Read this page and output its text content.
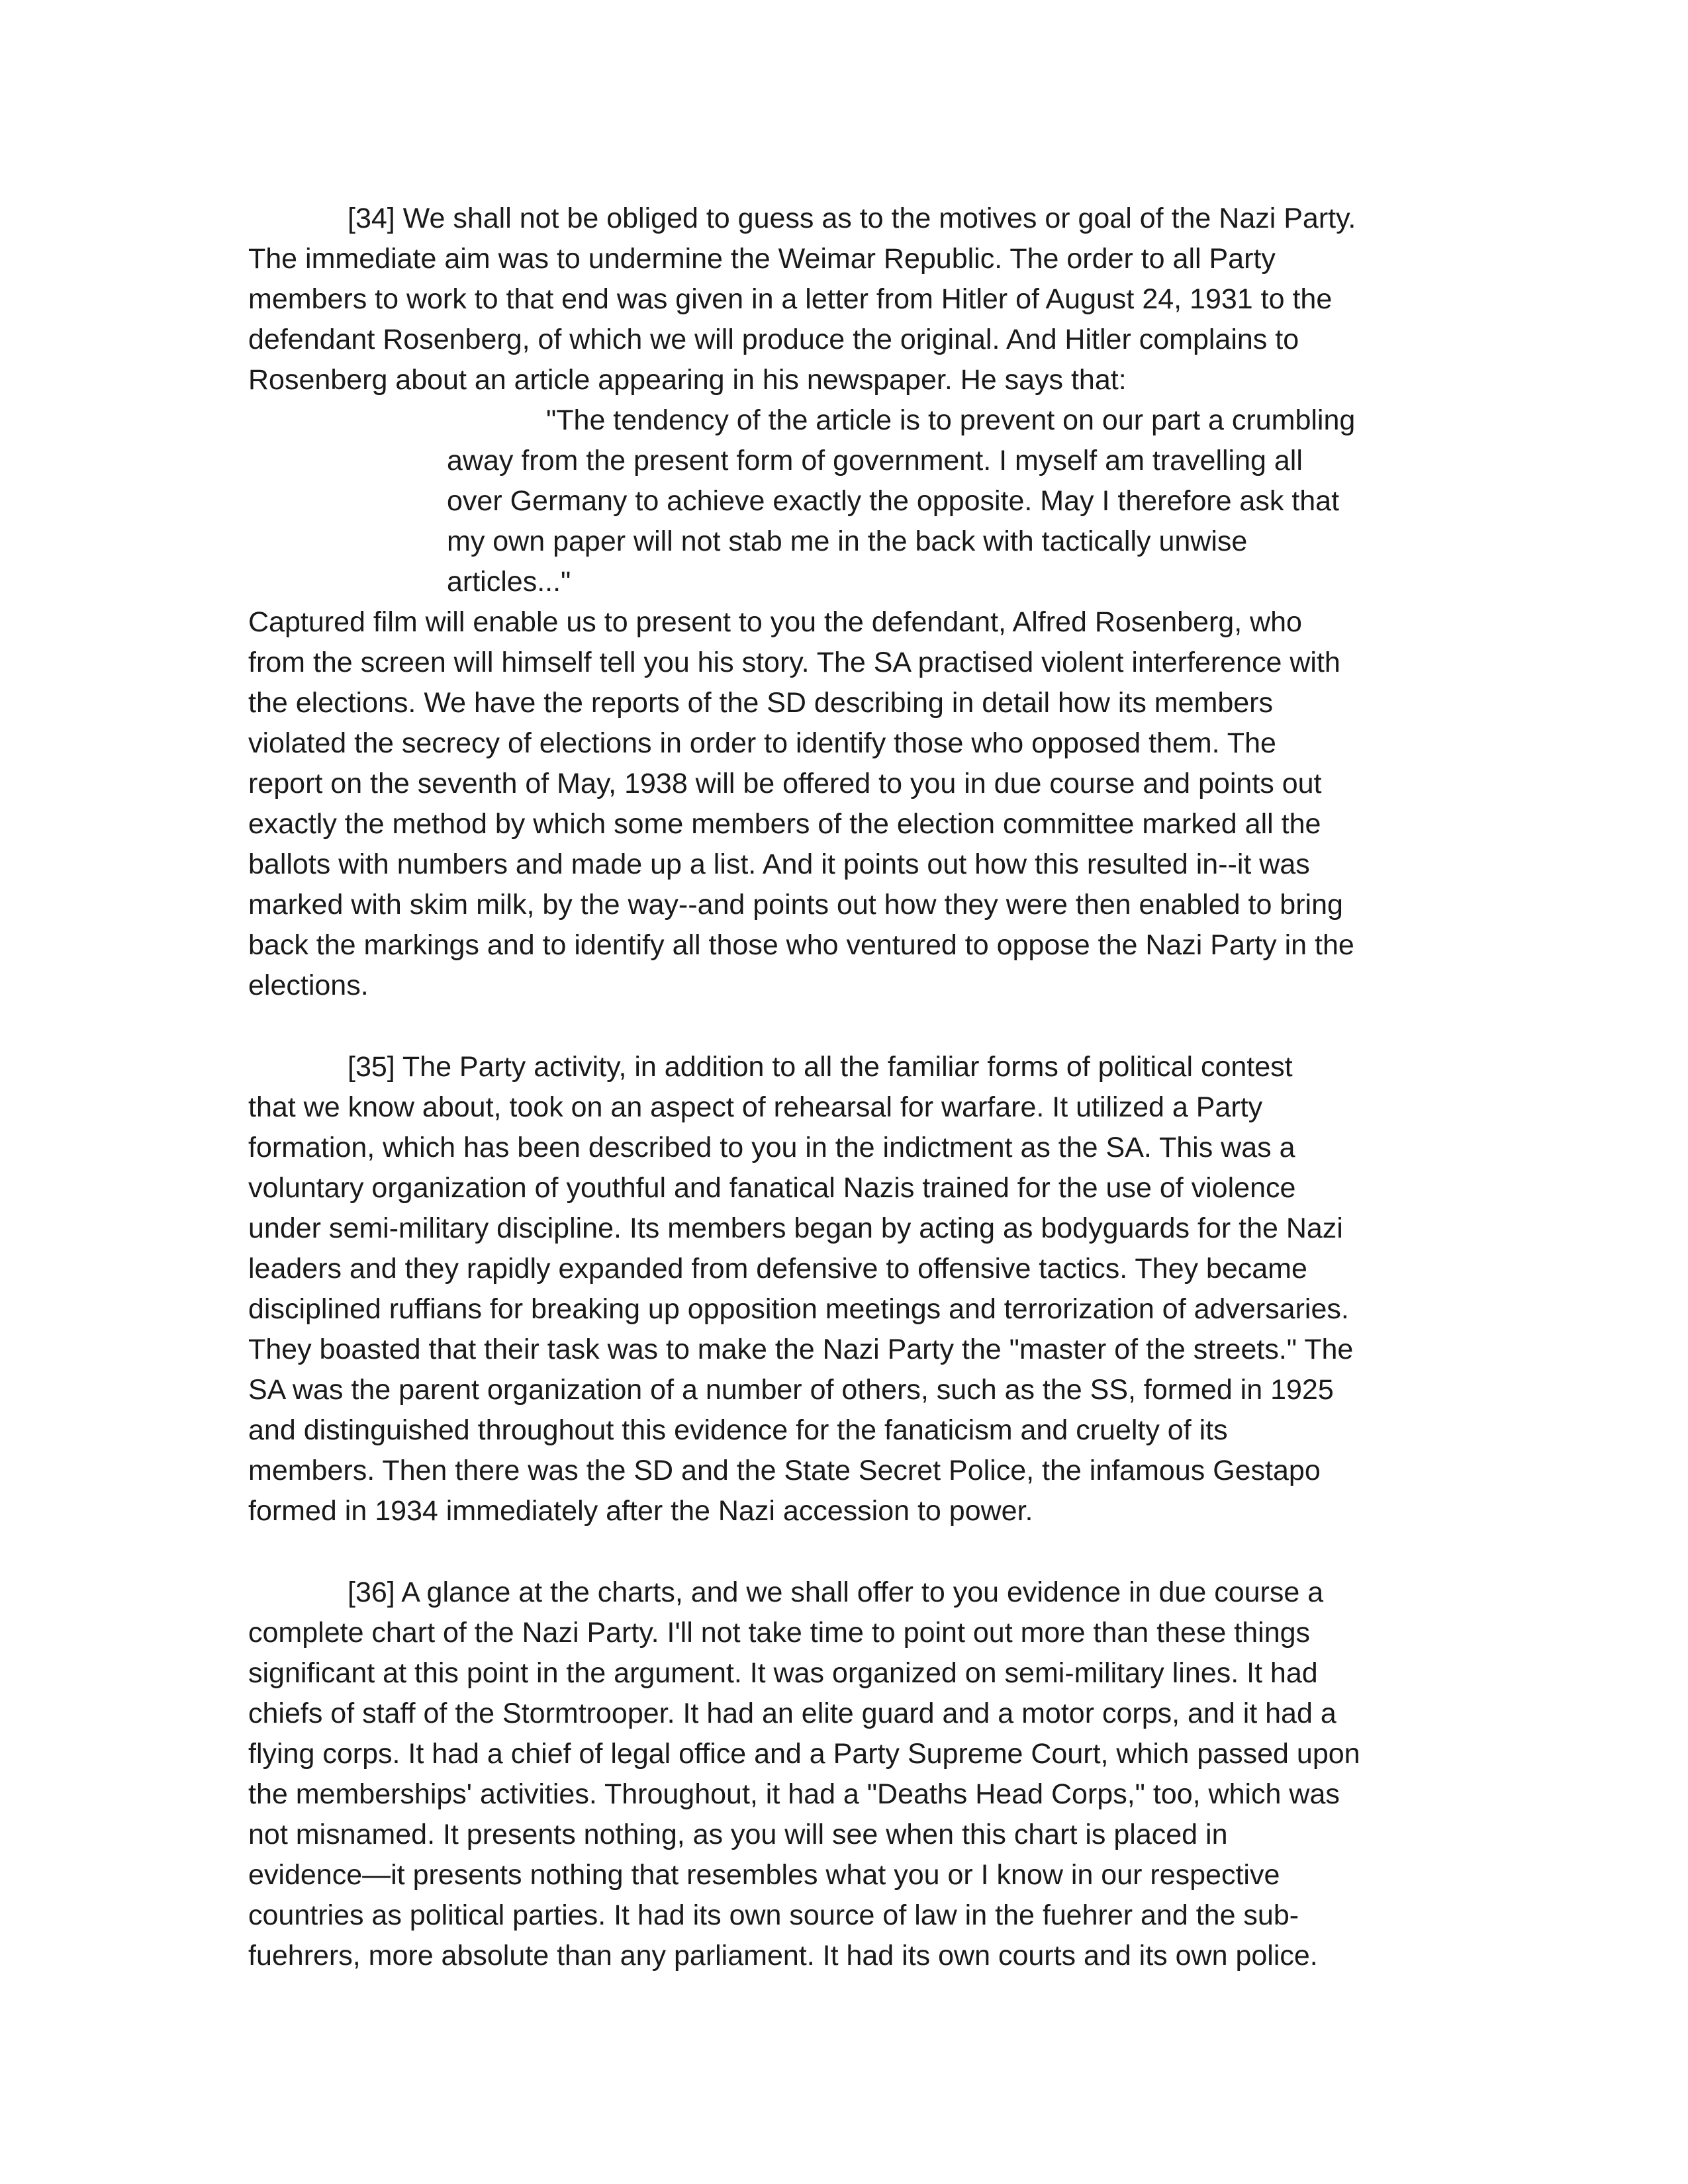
[34] We shall not be obliged to guess as to the motives or goal of the Nazi Party.
The immediate aim was to undermine the Weimar Republic. The order to all Party
members to work to that end was given in a letter from Hitler of August 24, 1931 to the
defendant Rosenberg, of which we will produce the original. And Hitler complains to
Rosenberg about an article appearing in his newspaper. He says that:
"The tendency of the article is to prevent on our part a crumbling
away from the present form of government. I myself am travelling all
over Germany to achieve exactly the opposite. May I therefore ask that
my own paper will not stab me in the back with tactically unwise
articles..."
Captured film will enable us to present to you the defendant, Alfred Rosenberg, who
from the screen will himself tell you his story. The SA practised violent interference with
the elections. We have the reports of the SD describing in detail how its members
violated the secrecy of elections in order to identify those who opposed them. The
report on the seventh of May, 1938 will be offered to you in due course and points out
exactly the method by which some members of the election committee marked all the
ballots with numbers and made up a list. And it points out how this resulted in--it was
marked with skim milk, by the way--and points out how they were then enabled to bring
back the markings and to identify all those who ventured to oppose the Nazi Party in the
elections.
[35] The Party activity, in addition to all the familiar forms of political contest
that we know about, took on an aspect of rehearsal for warfare. It utilized a Party
formation, which has been described to you in the indictment as the SA. This was a
voluntary organization of youthful and fanatical Nazis trained for the use of violence
under semi-military discipline. Its members began by acting as bodyguards for the Nazi
leaders and they rapidly expanded from defensive to offensive tactics. They became
disciplined ruffians for breaking up opposition meetings and terrorization of adversaries.
They boasted that their task was to make the Nazi Party the "master of the streets." The
SA was the parent organization of a number of others, such as the SS, formed in 1925
and distinguished throughout this evidence for the fanaticism and cruelty of its
members. Then there was the SD and the State Secret Police, the infamous Gestapo
formed in 1934 immediately after the Nazi accession to power.
[36] A glance at the charts, and we shall offer to you evidence in due course a
complete chart of the Nazi Party. I'll not take time to point out more than these things
significant at this point in the argument. It was organized on semi-military lines. It had
chiefs of staff of the Stormtrooper. It had an elite guard and a motor corps, and it had a
flying corps. It had a chief of legal office and a Party Supreme Court, which passed upon
the memberships' activities. Throughout, it had a "Deaths Head Corps," too, which was
not misnamed. It presents nothing, as you will see when this chart is placed in
evidence—it presents nothing that resembles what you or I know in our respective
countries as political parties. It had its own source of law in the fuehrer and the sub-
fuehrers, more absolute than any parliament. It had its own courts and its own police.
